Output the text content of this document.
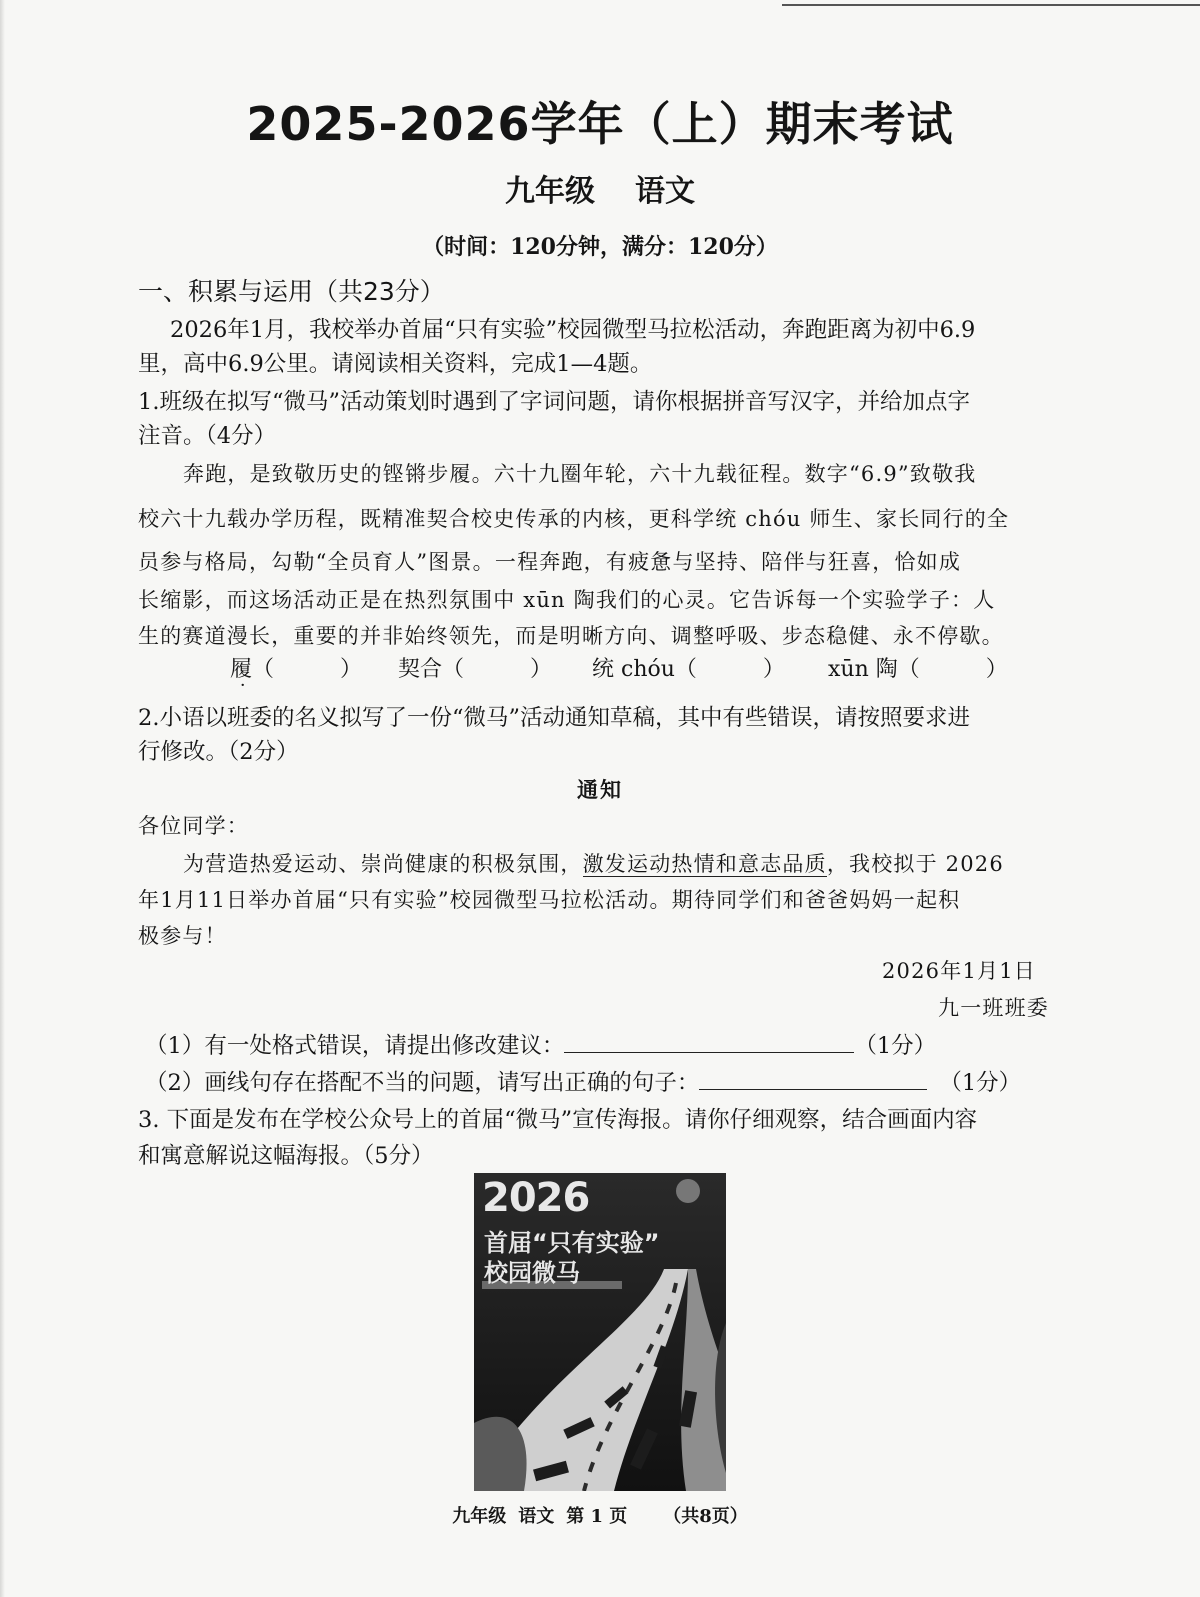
2025-2026学年（上）期末考试
九年级 语文
（时间：120分钟，满分：120分）
一、积累与运用（共23分）
2026年1月，我校举办首届“只有实验”校园微型马拉松活动，奔跑距离为初中6.9
里，高中6.9公里。请阅读相关资料，完成1—4题。
1.班级在拟写“微马”活动策划时遇到了字词问题，请你根据拼音写汉字，并给加点字
注音。（4分）
奔跑，是致敬历史的铿锵步履。六十九圈年轮，六十九载征程。数字“6.9”致敬我
校六十九载办学历程，既精准契合校史传承的内核，更科学统 chóu 师生、家长同行的全
员参与格局，勾勒“全员育人”图景。一程奔跑，有疲惫与坚持、陪伴与狂喜，恰如成
长缩影，而这场活动正是在热烈氛围中 xūn 陶我们的心灵。它告诉每一个实验学子：人
生的赛道漫长，重要的并非始终领先，而是明晰方向、调整呼吸、步态稳健、永不停歇。
履（　　　） 契合（　　　） 统 chóu（　　　） xūn 陶（　　　）
2.小语以班委的名义拟写了一份“微马”活动通知草稿，其中有些错误，请按照要求进
行修改。（2分）
通知
各位同学：
为营造热爱运动、崇尚健康的积极氛围，激发运动热情和意志品质，我校拟于 2026
年1月11日举办首届“只有实验”校园微型马拉松活动。期待同学们和爸爸妈妈一起积
极参与！
2026年1月1日
九一班班委
（1）有一处格式错误，请提出修改建议：	（1分）
（2）画线句存在搭配不当的问题，请写出正确的句子：	（1分）
3. 下面是发布在学校公众号上的首届“微马”宣传海报。请你仔细观察，结合画面内容
和寓意解说这幅海报。（5分）
2026
首届“只有实验”
校园微马
九年级 语文 第 1 页 （共8页）
